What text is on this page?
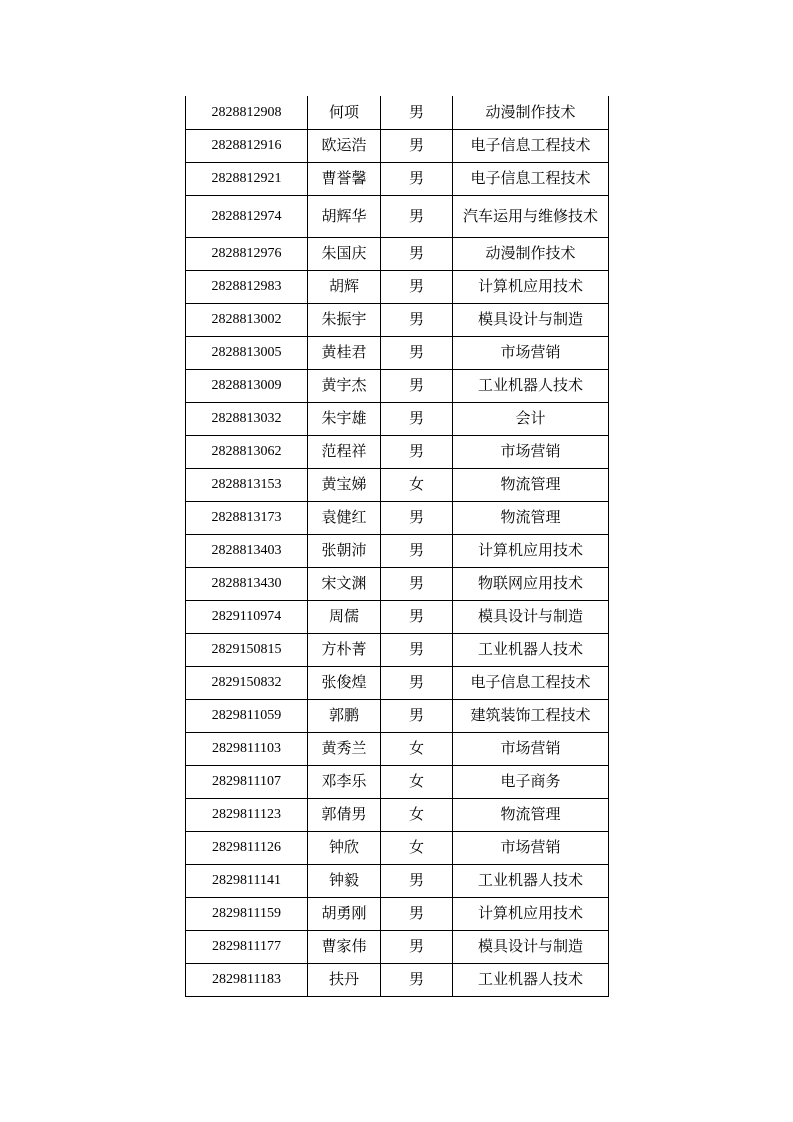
2828812908	何项	男	动漫制作技术
2828812916	欧运浩	男	电子信息工程技术
2828812921	曹誉馨	男	电子信息工程技术
2828812974	胡辉华	男	汽车运用与维修技术
2828812976	朱国庆	男	动漫制作技术
2828812983	胡辉	男	计算机应用技术
2828813002	朱振宇	男	模具设计与制造
2828813005	黄桂君	男	市场营销
2828813009	黄宇杰	男	工业机器人技术
2828813032	朱宇雄	男	会计
2828813062	范程祥	男	市场营销
2828813153	黄宝娣	女	物流管理
2828813173	袁健红	男	物流管理
2828813403	张朝沛	男	计算机应用技术
2828813430	宋文渊	男	物联网应用技术
2829110974	周儒	男	模具设计与制造
2829150815	方朴菁	男	工业机器人技术
2829150832	张俊煌	男	电子信息工程技术
2829811059	郭鹏	男	建筑装饰工程技术
2829811103	黄秀兰	女	市场营销
2829811107	邓李乐	女	电子商务
2829811123	郭倩男	女	物流管理
2829811126	钟欣	女	市场营销
2829811141	钟毅	男	工业机器人技术
2829811159	胡勇刚	男	计算机应用技术
2829811177	曹家伟	男	模具设计与制造
2829811183	扶丹	男	工业机器人技术
